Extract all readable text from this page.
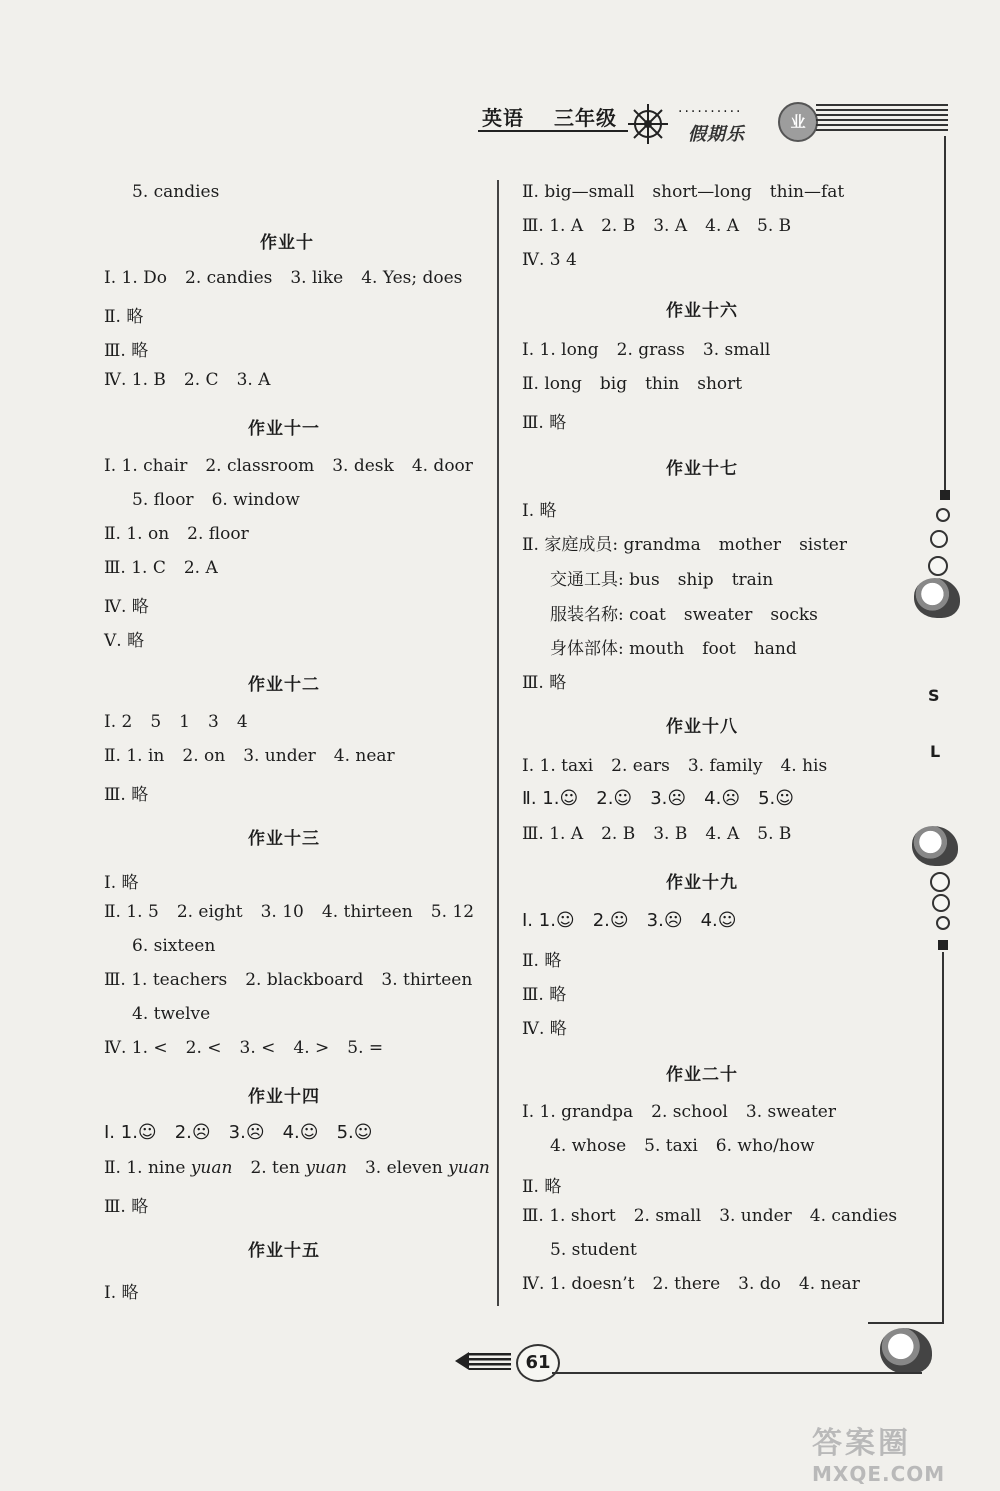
英语 三年级	··········
假期乐
业
5. candies
作业十
Ⅰ. 1. Do 2. candies 3. like 4. Yes; does
Ⅱ. 略
Ⅲ. 略
Ⅳ. 1. B 2. C 3. A
作业十一
Ⅰ. 1. chair 2. classroom 3. desk 4. door
5. floor 6. window
Ⅱ. 1. on 2. floor
Ⅲ. 1. C 2. A
Ⅳ. 略
Ⅴ. 略
作业十二
Ⅰ. 2 5 1 3 4
Ⅱ. 1. in 2. on 3. under 4. near
Ⅲ. 略
作业十三
Ⅰ. 略
Ⅱ. 1. 5 2. eight 3. 10 4. thirteen 5. 12
6. sixteen
Ⅲ. 1. teachers 2. blackboard 3. thirteen
4. twelve
Ⅳ. 1. < 2. < 3. < 4. > 5. =
作业十四
Ⅰ. 1.☺ 2.☹ 3.☹ 4.☺ 5.☺
Ⅱ. 1. nine yuan 2. ten yuan 3. eleven yuan
Ⅲ. 略
作业十五
Ⅰ. 略
Ⅱ. big—small short—long thin—fat
Ⅲ. 1. A 2. B 3. A 4. A 5. B
Ⅳ. 3 4
作业十六
Ⅰ. 1. long 2. grass 3. small
Ⅱ. long big thin short
Ⅲ. 略
作业十七
Ⅰ. 略
Ⅱ. 家庭成员: grandma mother sister
交通工具: bus ship train
服装名称: coat sweater socks
身体部体: mouth foot hand
Ⅲ. 略
作业十八
Ⅰ. 1. taxi 2. ears 3. family 4. his
Ⅱ. 1.☺ 2.☺ 3.☹ 4.☹ 5.☺
Ⅲ. 1. A 2. B 3. B 4. A 5. B
作业十九
Ⅰ. 1.☺ 2.☺ 3.☹ 4.☺
Ⅱ. 略
Ⅲ. 略
Ⅳ. 略
作业二十
Ⅰ. 1. grandpa 2. school 3. sweater
4. whose 5. taxi 6. who/how
Ⅱ. 略
Ⅲ. 1. short 2. small 3. under 4. candies
5. student
Ⅳ. 1. doesn’t 2. there 3. do 4. near
S
L
61
答案圈
MXQE.COM
